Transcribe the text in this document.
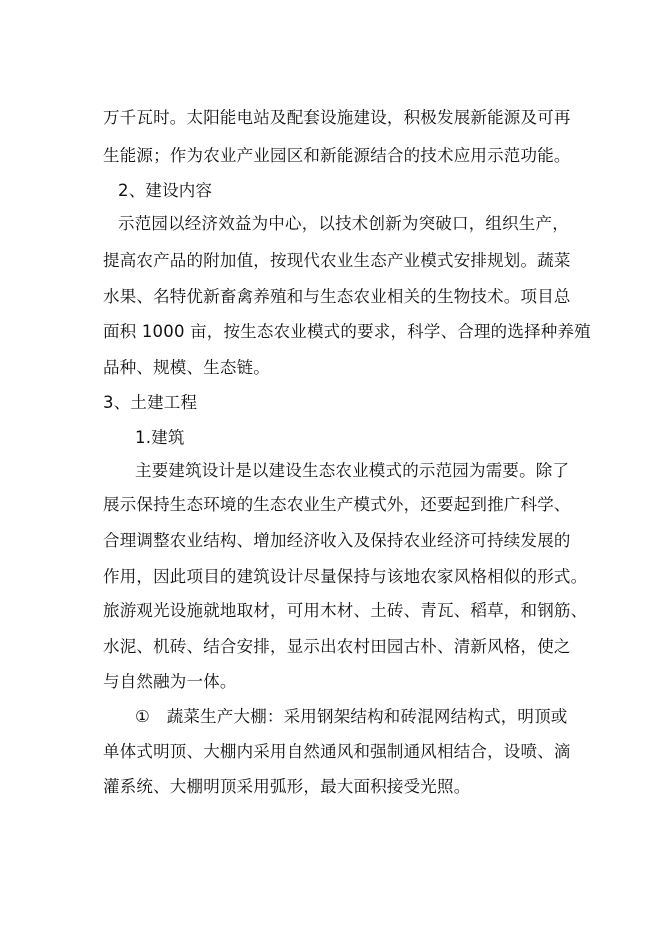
万千瓦时。太阳能电站及配套设施建设，积极发展新能源及可再
生能源；作为农业产业园区和新能源结合的技术应用示范功能。
2、建设内容
示范园以经济效益为中心，以技术创新为突破口，组织生产，
提高农产品的附加值，按现代农业生态产业模式安排规划。蔬菜
水果、名特优新畜禽养殖和与生态农业相关的生物技术。项目总
面积 1000 亩，按生态农业模式的要求，科学、合理的选择种养殖
品种、规模、生态链。
3、土建工程
1.建筑
主要建筑设计是以建设生态农业模式的示范园为需要。除了
展示保持生态环境的生态农业生产模式外，还要起到推广科学、
合理调整农业结构、增加经济收入及保持农业经济可持续发展的
作用，因此项目的建筑设计尽量保持与该地农家风格相似的形式。
旅游观光设施就地取材，可用木材、土砖、青瓦、稻草，和钢筋、
水泥、机砖、结合安排，显示出农村田园古朴、清新风格，使之
与自然融为一体。
①　蔬菜生产大棚：采用钢架结构和砖混网结构式，明顶或
单体式明顶、大棚内采用自然通风和强制通风相结合，设喷、滴
灌系统、大棚明顶采用弧形，最大面积接受光照。
